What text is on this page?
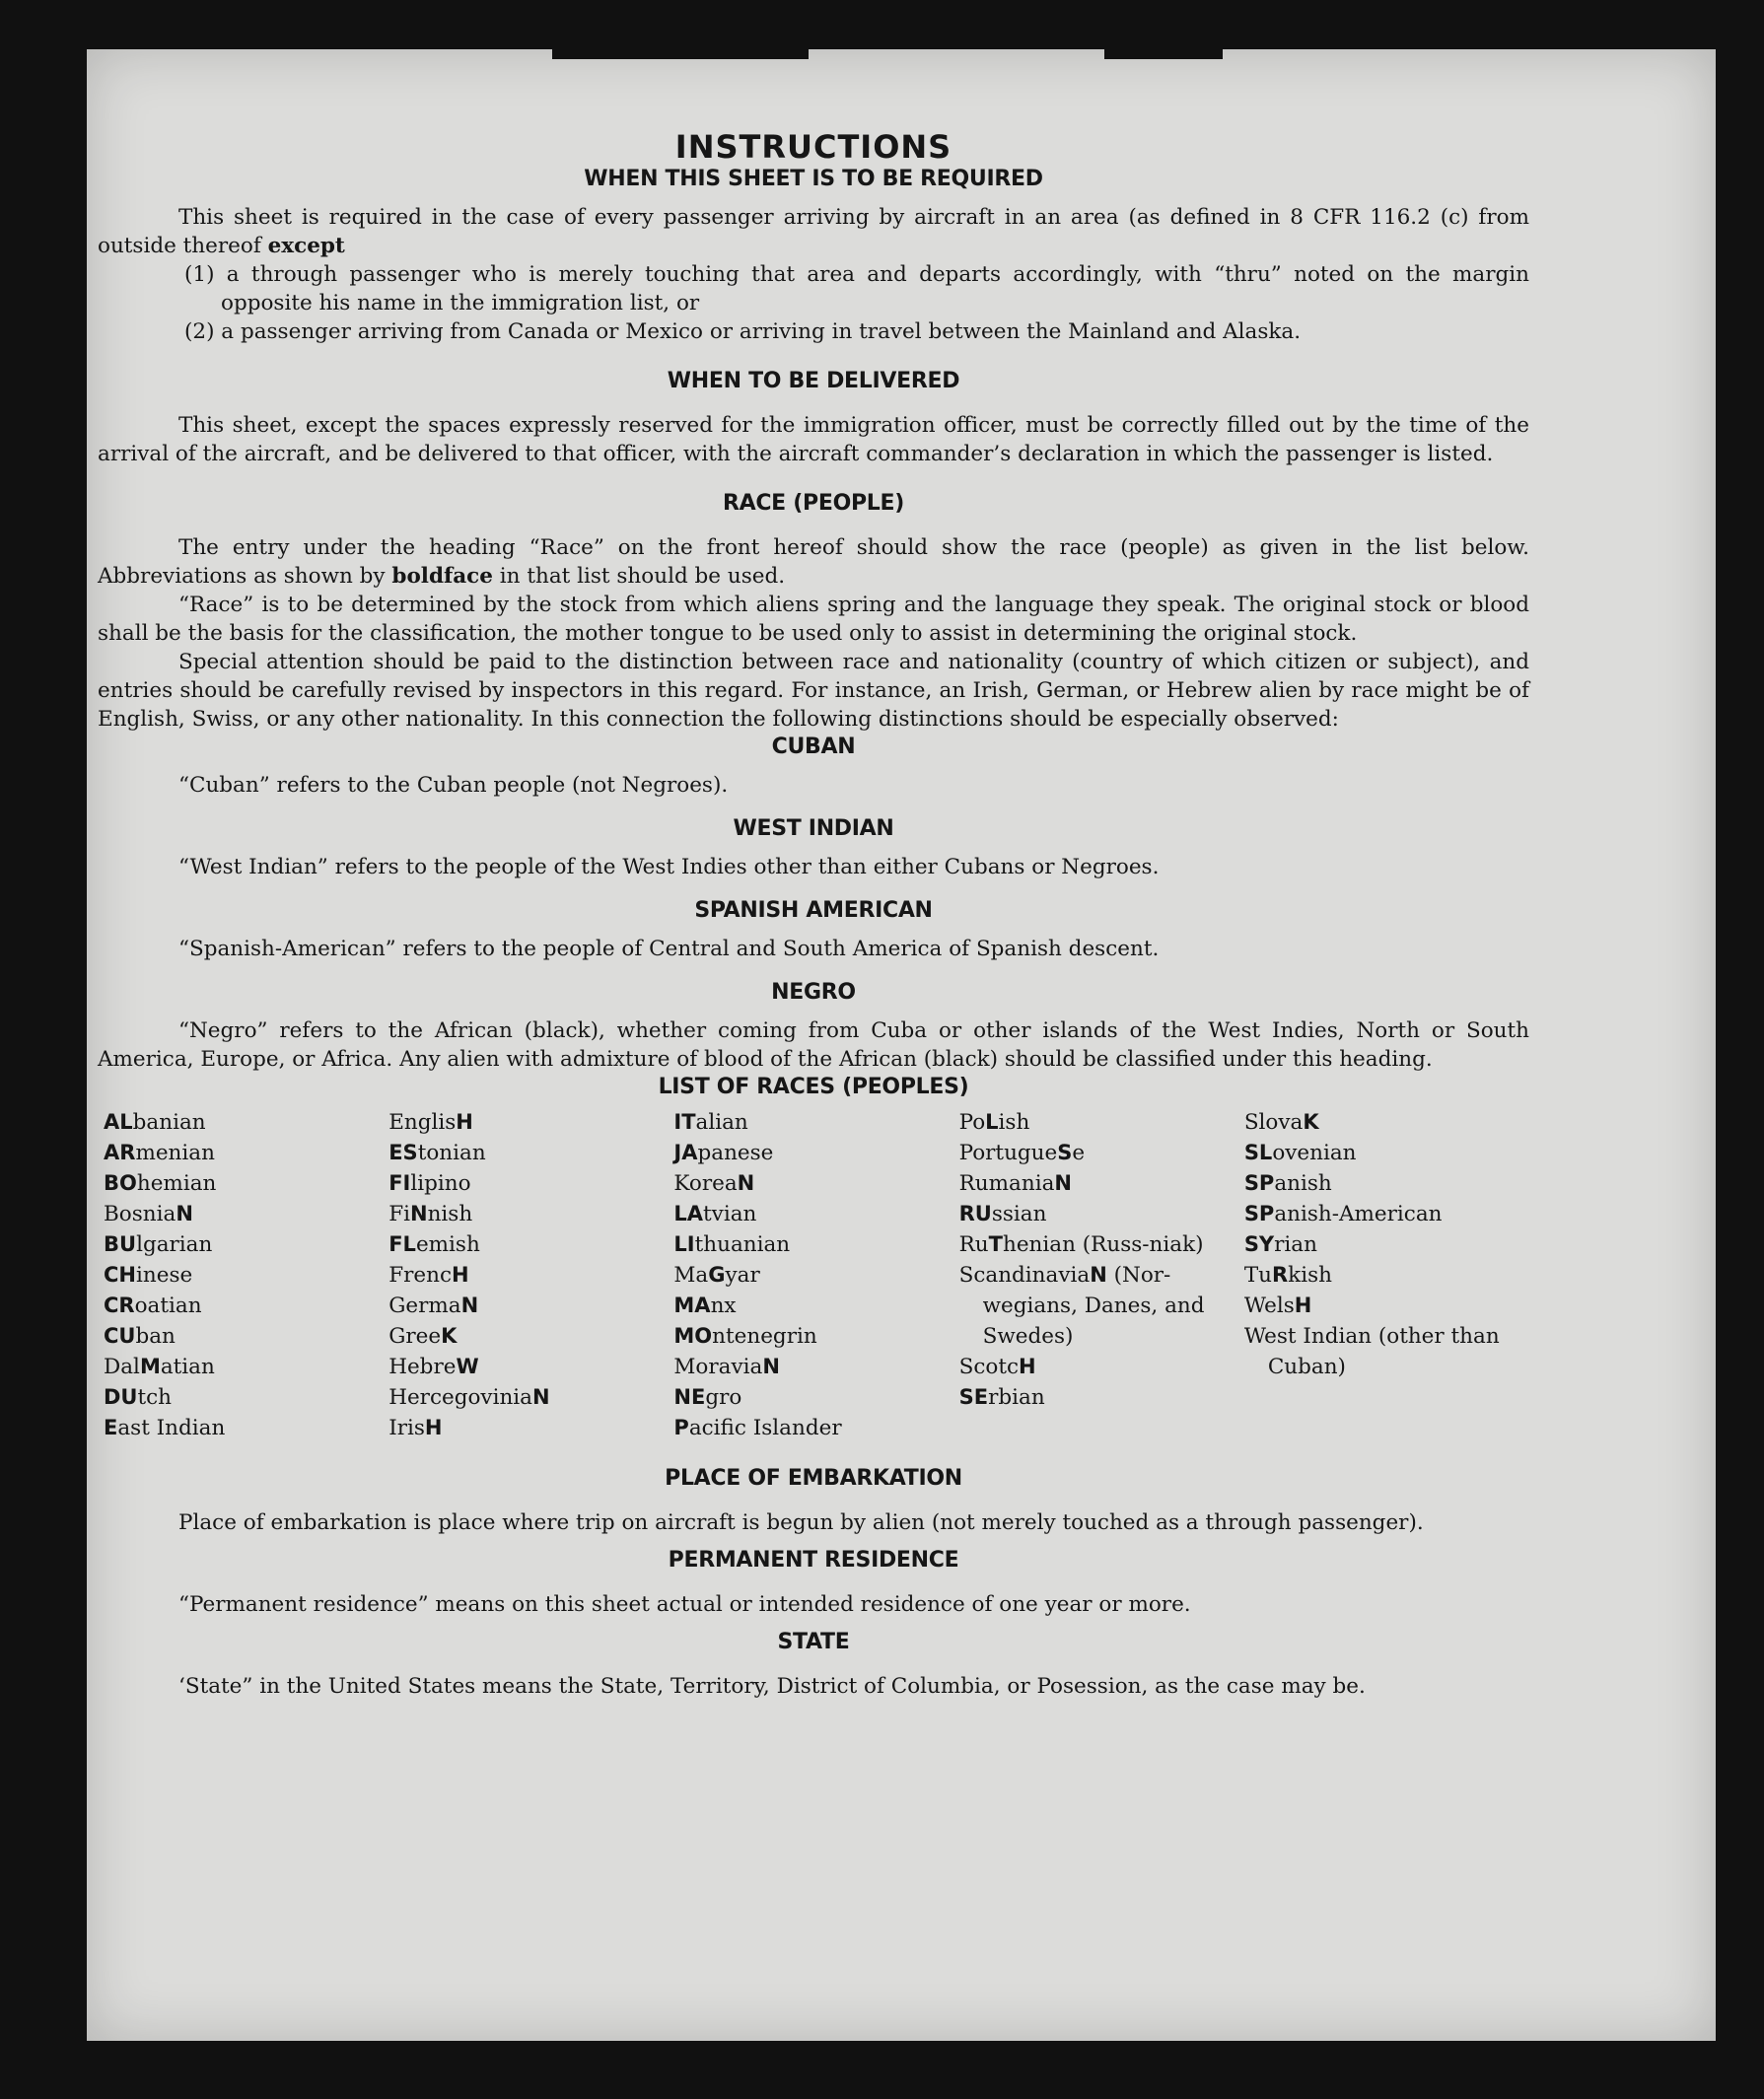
INSTRUCTIONS
WHEN THIS SHEET IS TO BE REQUIRED

This sheet is required in the case of every passenger arriving by aircraft in an area (as defined in 8 CFR 116.2 (c) from outside thereof except

(1) a through passenger who is merely touching that area and departs accordingly, with “thru” noted on the margin opposite his name in the immigration list, or

(2) a passenger arriving from Canada or Mexico or arriving in travel between the Mainland and Alaska.

WHEN TO BE DELIVERED

This sheet, except the spaces expressly reserved for the immigration officer, must be correctly filled out by the time of the arrival of the aircraft, and be delivered to that officer, with the aircraft commander’s declaration in which the passenger is listed.

RACE (PEOPLE)

The entry under the heading “Race” on the front hereof should show the race (people) as given in the list below. Abbreviations as shown by boldface in that list should be used.

“Race” is to be determined by the stock from which aliens spring and the language they speak. The original stock or blood shall be the basis for the classification, the mother tongue to be used only to assist in determining the original stock.

Special attention should be paid to the distinction between race and nationality (country of which citizen or subject), and entries should be carefully revised by inspectors in this regard. For instance, an Irish, German, or Hebrew alien by race might be of English, Swiss, or any other nationality. In this connection the following distinctions should be especially observed:

CUBAN

“Cuban” refers to the Cuban people (not Negroes).

WEST INDIAN

“West Indian” refers to the people of the West Indies other than either Cubans or Negroes.

SPANISH AMERICAN

“Spanish-American” refers to the people of Central and South America of Spanish descent.

NEGRO

“Negro” refers to the African (black), whether coming from Cuba or other islands of the West Indies, North or South America, Europe, or Africa. Any alien with admixture of blood of the African (black) should be classified under this heading.

LIST OF RACES (PEOPLES)
ALbanian
ARmenian
BOhemian
BosniaN
BUlgarian
CHinese
CRoatian
CUban
DalMatian
DUtch
East Indian
EnglisH
EStonian
FIlipino
FiNnish
FLemish
FrencH
GermaN
GreeK
HebreW
HercegoviniaN
IrisH
ITalian
JApanese
KoreaN
LAtvian
LIthuanian
MaGyar
MAnx
MOntenegrin
MoraviaN
NEgro
Pacific Islander
PoLish
PortugueSe
RumaniaN
RUssian
RuThenian (Russ-niak)
ScandinaviaN (Nor-wegians, Danes, and Swedes)
ScotcH
SErbian
SlovaK
SLovenian
SPanish
SPanish-American
SYrian
TuRkish
WelsH
West Indian (other than Cuban)
PLACE OF EMBARKATION

Place of embarkation is place where trip on aircraft is begun by alien (not merely touched as a through passenger).

PERMANENT RESIDENCE

“Permanent residence” means on this sheet actual or intended residence of one year or more.

STATE

‘State” in the United States means the State, Territory, District of Columbia, or Posession, as the case may be.
